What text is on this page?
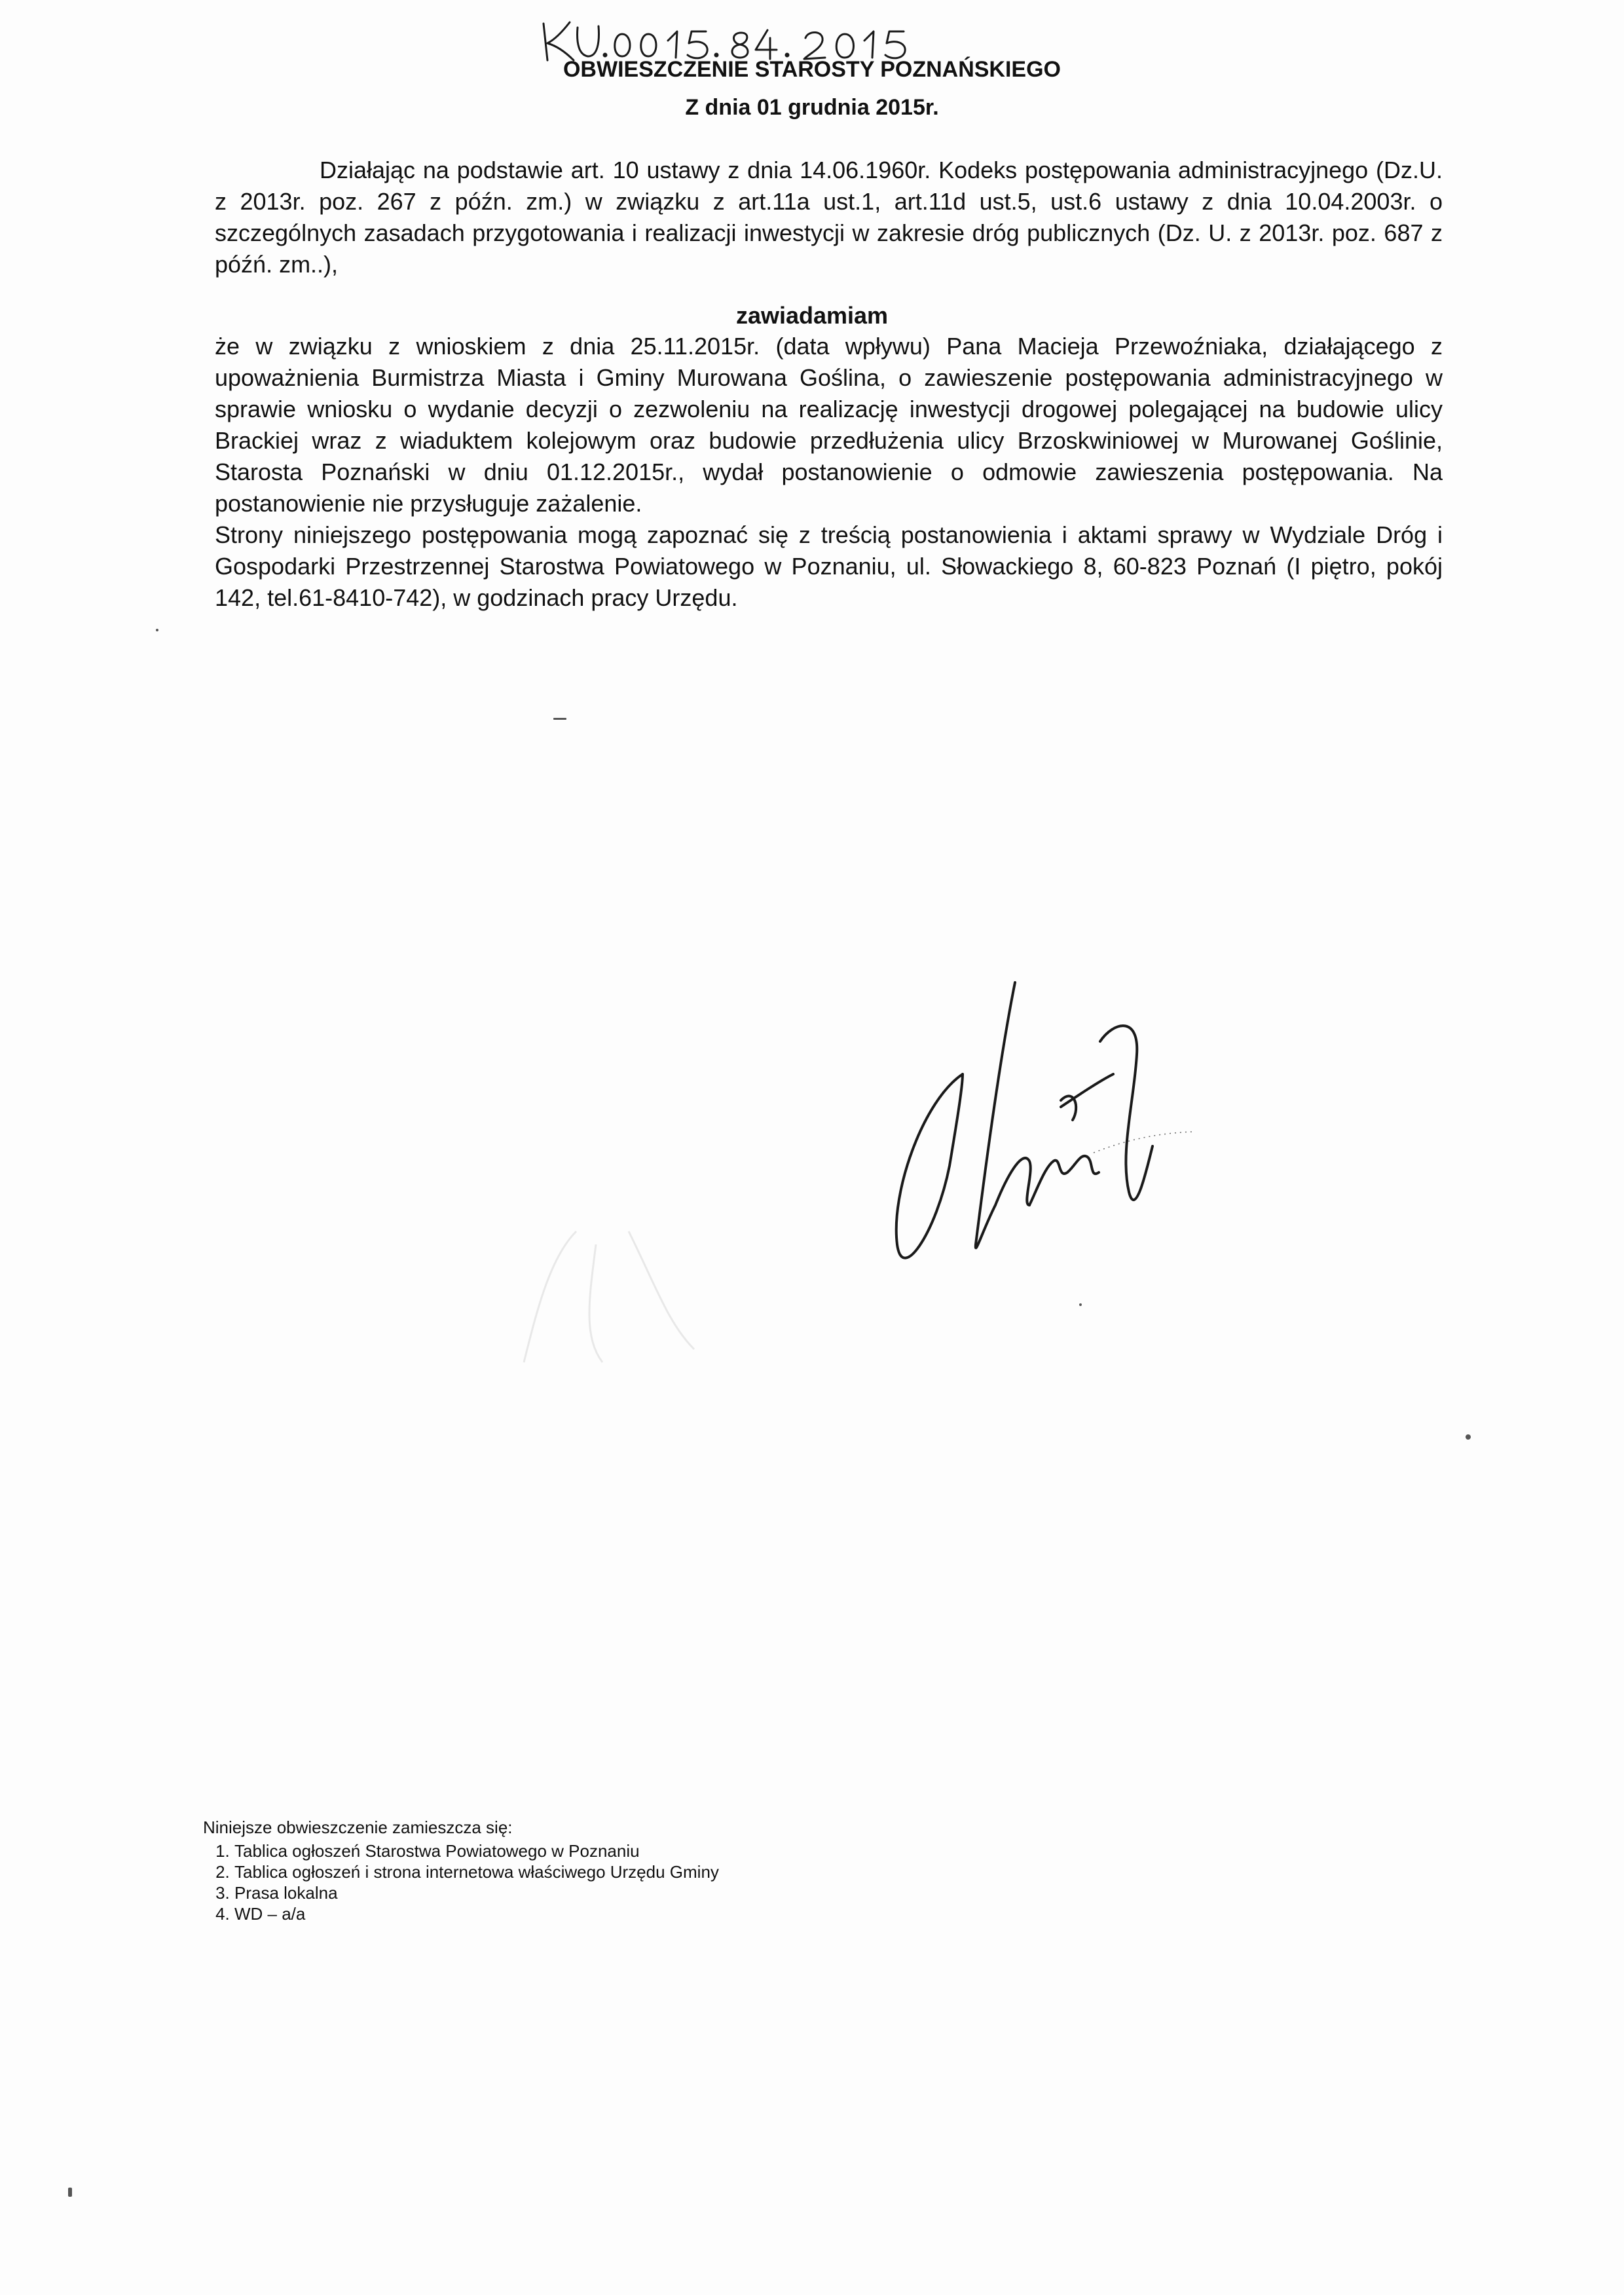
OBWIESZCZENIE STAROSTY POZNAŃSKIEGO
Z dnia 01 grudnia 2015r.

Działając na podstawie art. 10 ustawy z dnia 14.06.1960r. Kodeks postępowania administracyjnego (Dz.U. z 2013r. poz. 267 z późn. zm.) w związku z art.11a ust.1, art.11d ust.5, ust.6 ustawy z dnia 10.04.2003r. o szczególnych zasadach przygotowania i realizacji inwestycji w zakresie dróg publicznych (Dz. U. z 2013r. poz. 687 z późń. zm..),

zawiadamiam

że w związku z wnioskiem z dnia 25.11.2015r. (data wpływu) Pana Macieja Przewoźniaka, działającego z upoważnienia Burmistrza Miasta i Gminy Murowana Goślina, o zawieszenie postępowania administracyjnego w sprawie wniosku o wydanie decyzji o zezwoleniu na realizację inwestycji drogowej polegającej na budowie ulicy Brackiej wraz z wiaduktem kolejowym oraz budowie przedłużenia ulicy Brzoskwiniowej w Murowanej Goślinie, Starosta Poznański w dniu 01.12.2015r., wydał postanowienie o odmowie zawieszenia postępowania. Na postanowienie nie przysługuje zażalenie.

Strony niniejszego postępowania mogą zapoznać się z treścią postanowienia i aktami sprawy w Wydziale Dróg i Gospodarki Przestrzennej Starostwa Powiatowego w Poznaniu, ul. Słowackiego 8, 60-823 Poznań (I piętro, pokój 142, tel.61-8410-742), w godzinach pracy Urzędu.

Niniejsze obwieszczenie zamieszcza się:

1. Tablica ogłoszeń Starostwa Powiatowego w Poznaniu
2. Tablica ogłoszeń i strona internetowa właściwego Urzędu Gminy
3. Prasa lokalna
4. WD – a/a
